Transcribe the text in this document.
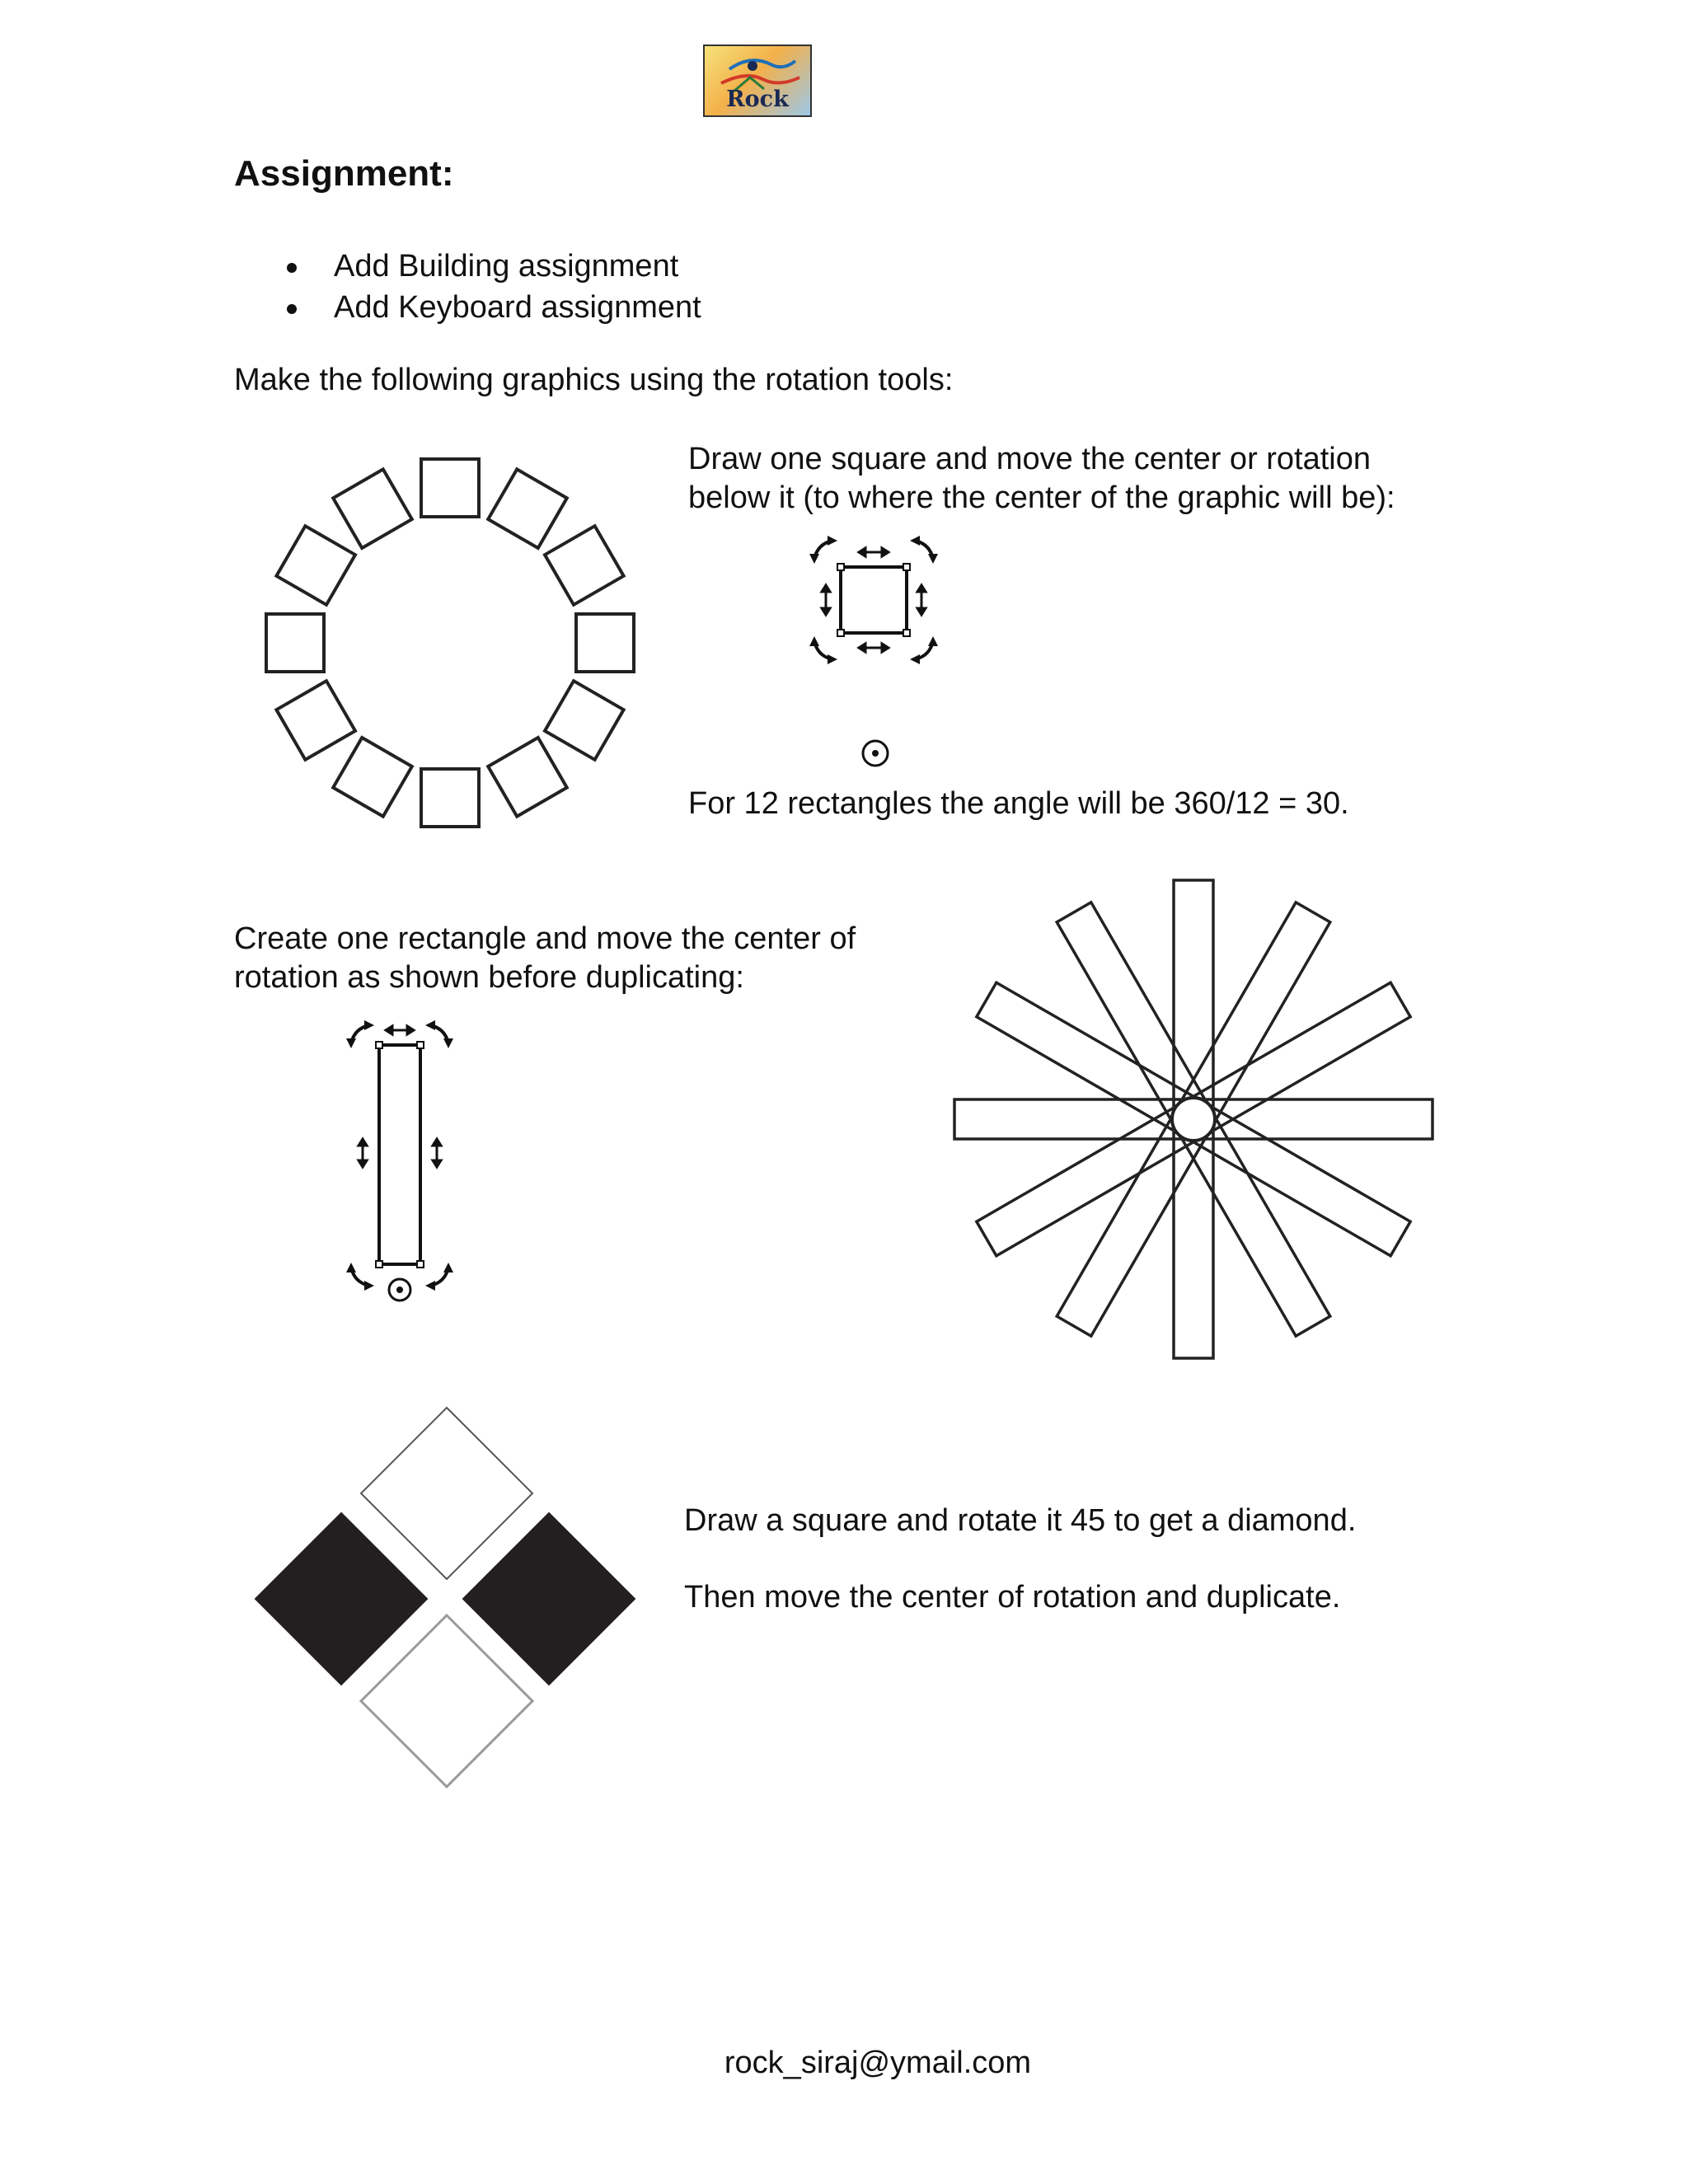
Rock
Assignment:
Add Building assignment
Add Keyboard assignment
Make the following graphics using the rotation tools:
Draw one square and move the center or rotation
below it (to where the center of the graphic will be):
For 12 rectangles the angle will be 360/12 = 30.
Create one rectangle and move the center of
rotation as shown before duplicating:
Draw a square and rotate it 45 to get a diamond.
Then move the center of rotation and duplicate.
rock_siraj@ymail.com
